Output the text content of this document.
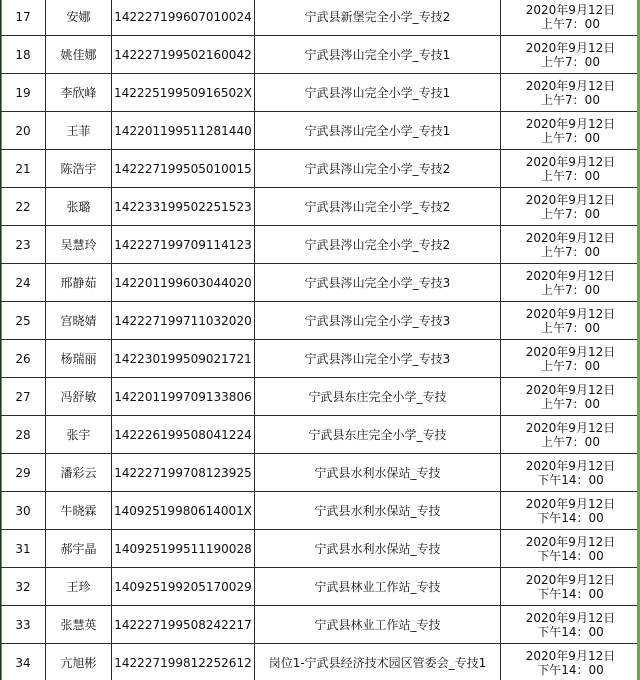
17	安娜	142227199607010024	宁武县新堡完全小学_专技2	2020年9月12日
上午7：00

18	姚佳娜	142227199502160042	宁武县涔山完全小学_专技1	2020年9月12日
上午7：00

19	李欣峰	14222519950916502X	宁武县涔山完全小学_专技1	2020年9月12日
上午7：00

20	王菲	142201199511281440	宁武县涔山完全小学_专技1	2020年9月12日
上午7：00

21	陈浩宇	142227199505010015	宁武县涔山完全小学_专技2	2020年9月12日
上午7：00

22	张璐	142233199502251523	宁武县涔山完全小学_专技2	2020年9月12日
上午7：00

23	吴慧玲	142227199709114123	宁武县涔山完全小学_专技2	2020年9月12日
上午7：00

24	邢静茹	142201199603044020	宁武县涔山完全小学_专技3	2020年9月12日
上午7：00

25	宫晓婧	142227199711032020	宁武县涔山完全小学_专技3	2020年9月12日
上午7：00

26	杨瑞丽	142230199509021721	宁武县涔山完全小学_专技3	2020年9月12日
上午7：00

27	冯舒敏	142201199709133806	宁武县东庄完全小学_专技	2020年9月12日
上午7：00

28	张宇	142226199508041224	宁武县东庄完全小学_专技	2020年9月12日
上午7：00

29	潘彩云	142227199708123925	宁武县水利水保站_专技	2020年9月12日
下午14：00

30	牛晓霖	14092519980614001X	宁武县水利水保站_专技	2020年9月12日
下午14：00

31	郝宇晶	140925199511190028	宁武县水利水保站_专技	2020年9月12日
下午14：00

32	王珍	140925199205170029	宁武县林业工作站_专技	2020年9月12日
下午14：00

33	张慧英	142227199508242217	宁武县林业工作站_专技	2020年9月12日
下午14：00

34	亢旭彬	142227199812252612	岗位1-宁武县经济技术园区管委会_专技1	2020年9月12日
下午14：00
